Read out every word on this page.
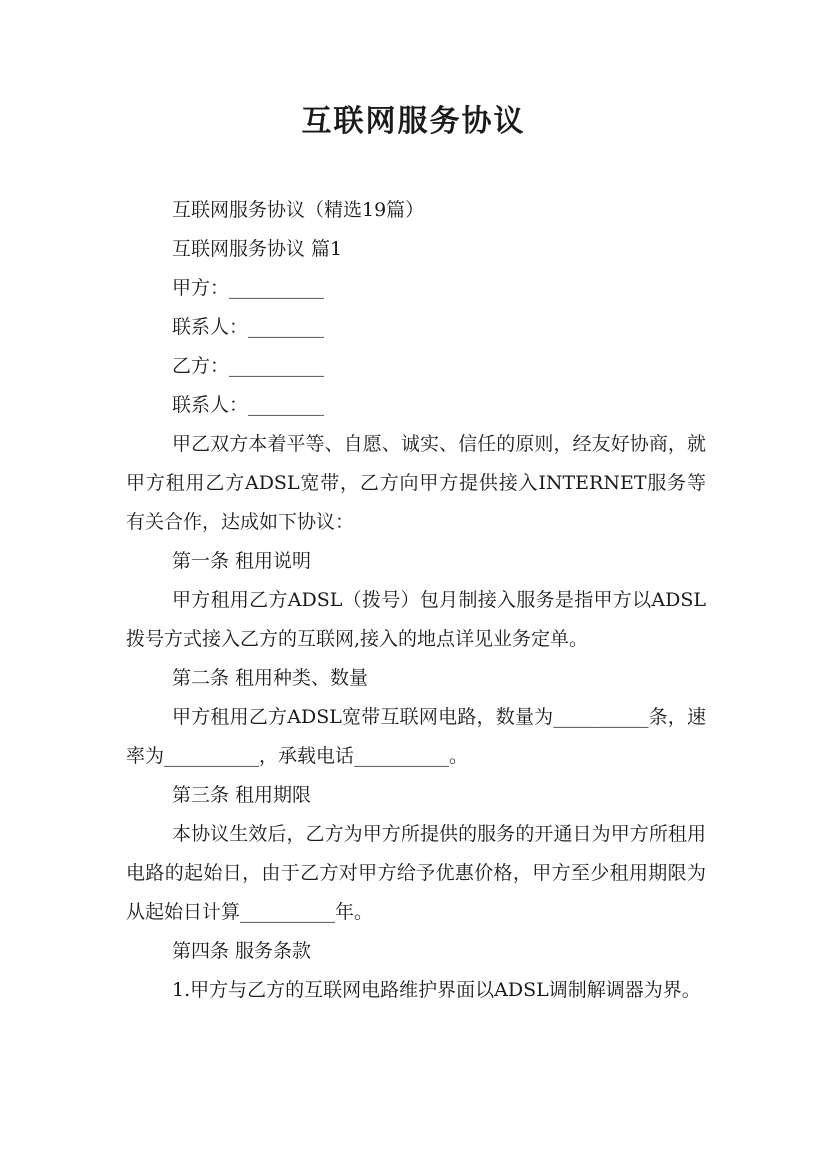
互联网服务协议

互联网服务协议（精选19篇）

互联网服务协议 篇1

甲方：__________

联系人：________

乙方：__________

联系人：________

甲乙双方本着平等、自愿、诚实、信任的原则，经友好协商，就甲方租用乙方ADSL宽带，乙方向甲方提供接入INTERNET服务等有关合作，达成如下协议：

第一条 租用说明

甲方租用乙方ADSL（拨号）包月制接入服务是指甲方以ADSL拨号方式接入乙方的互联网,接入的地点详见业务定单。

第二条 租用种类、数量

甲方租用乙方ADSL宽带互联网电路，数量为__________条，速率为__________，承载电话__________。

第三条 租用期限

本协议生效后，乙方为甲方所提供的服务的开通日为甲方所租用电路的起始日，由于乙方对甲方给予优惠价格，甲方至少租用期限为从起始日计算__________年。

第四条 服务条款

1.甲方与乙方的互联网电路维护界面以ADSL调制解调器为界。
